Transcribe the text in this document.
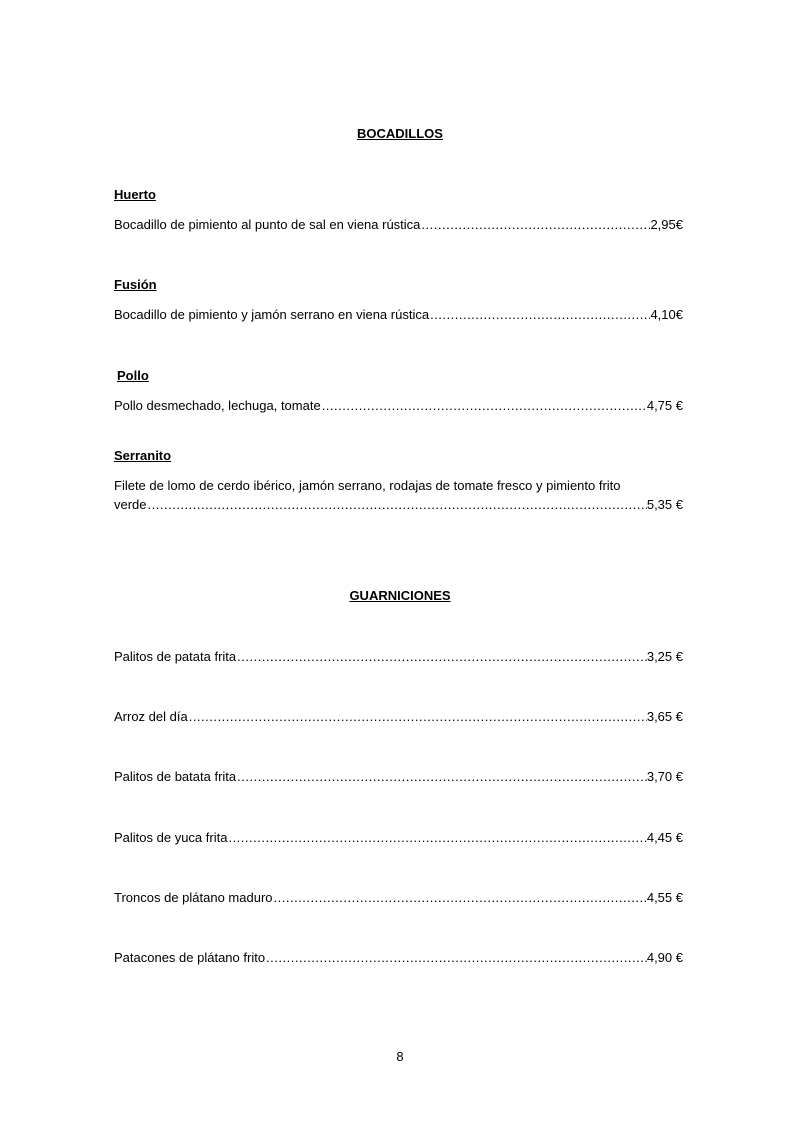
BOCADILLOS
Huerto
Bocadillo de pimiento al punto de sal en viena rústica .....	2,95€
Fusión
Bocadillo de pimiento y jamón serrano en viena rústica .....	4,10€
Pollo
Pollo desmechado, lechuga, tomate .....	4,75 €
Serranito
Filete de lomo de cerdo ibérico, jamón serrano, rodajas de tomate fresco y pimiento frito
verde .....	5,35 €
GUARNICIONES
Palitos de patata frita .....	3,25 €
Arroz del día .....	3,65 €
Palitos de batata frita .....	3,70 €
Palitos de yuca frita .....	4,45 €
Troncos de plátano maduro .....	4,55 €
Patacones de plátano frito .....	4,90 €
8
